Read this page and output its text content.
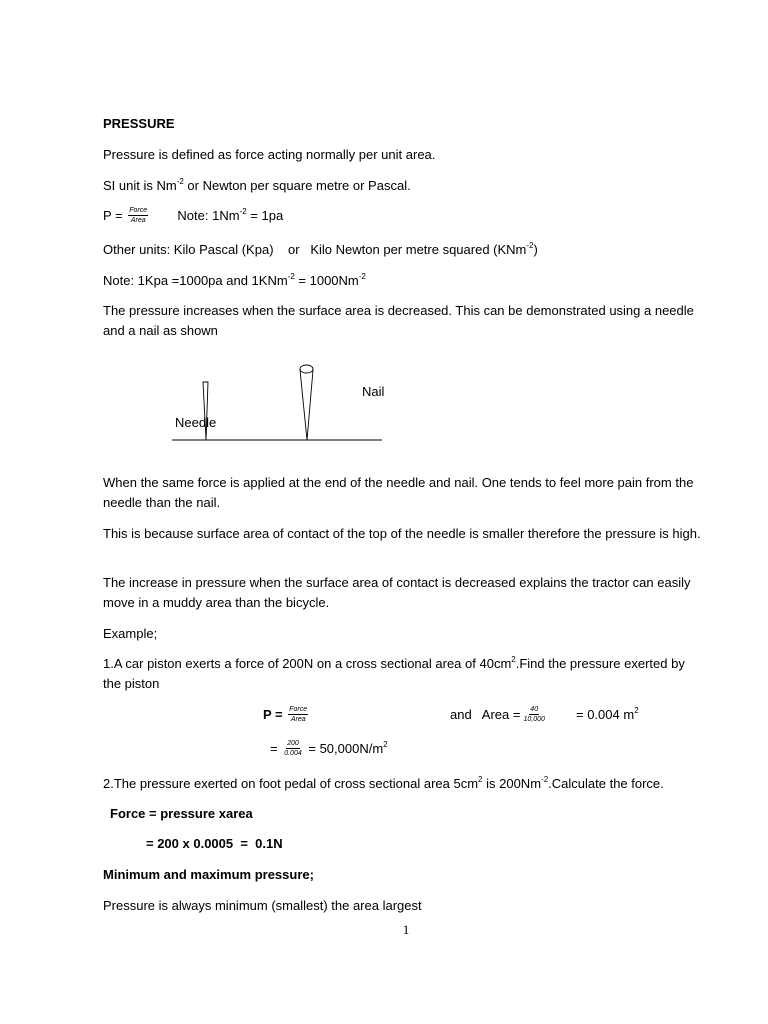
PRESSURE
Pressure is defined as force acting normally per unit area.
SI unit is $Nm^{-2}$ or Newton per square metre or Pascal.
$P = \frac{\text{Force}}{\text{Area}}$ Note: $1Nm^{-2} = 1pa$
Other units: Kilo Pascal (Kpa)    or   Kilo Newton per metre squared (KNm$^{-2}$)
Note: 1Kpa =1000pa and $1KNm^{-2} = 1000Nm^{-2}$
The pressure increases when the surface area is decreased. This can be demonstrated using a needle and a nail as shown
Nail
Needle
When the same force is applied at the end of the needle and nail. One tends to feel more pain from the needle than the nail.
This is because surface area of contact of the top of the needle is smaller therefore the pressure is high.
The increase in pressure when the surface area of contact is decreased explains the tractor can easily move in a muddy area than the bicycle.
Example;
1.A car piston exerts a force of 200N on a cross sectional area of $40cm^2.Find$ the pressure exerted by the piston
$P = \frac{\text{Force}}{\text{Area}}$	and   Area = $\frac{40}{10,000} = 0.004$ $m^2$
= $\frac{200}{0.004} = 50,000N/m^2$
2.The pressure exerted on foot pedal of cross sectional area $5cm^2$ is $200Nm^{-2}.Calculate$ the force.
Force = pressure xarea
= 200 x 0.0005  =  0.1N
Minimum and maximum pressure;
Pressure is always minimum (smallest) the area largest
1
